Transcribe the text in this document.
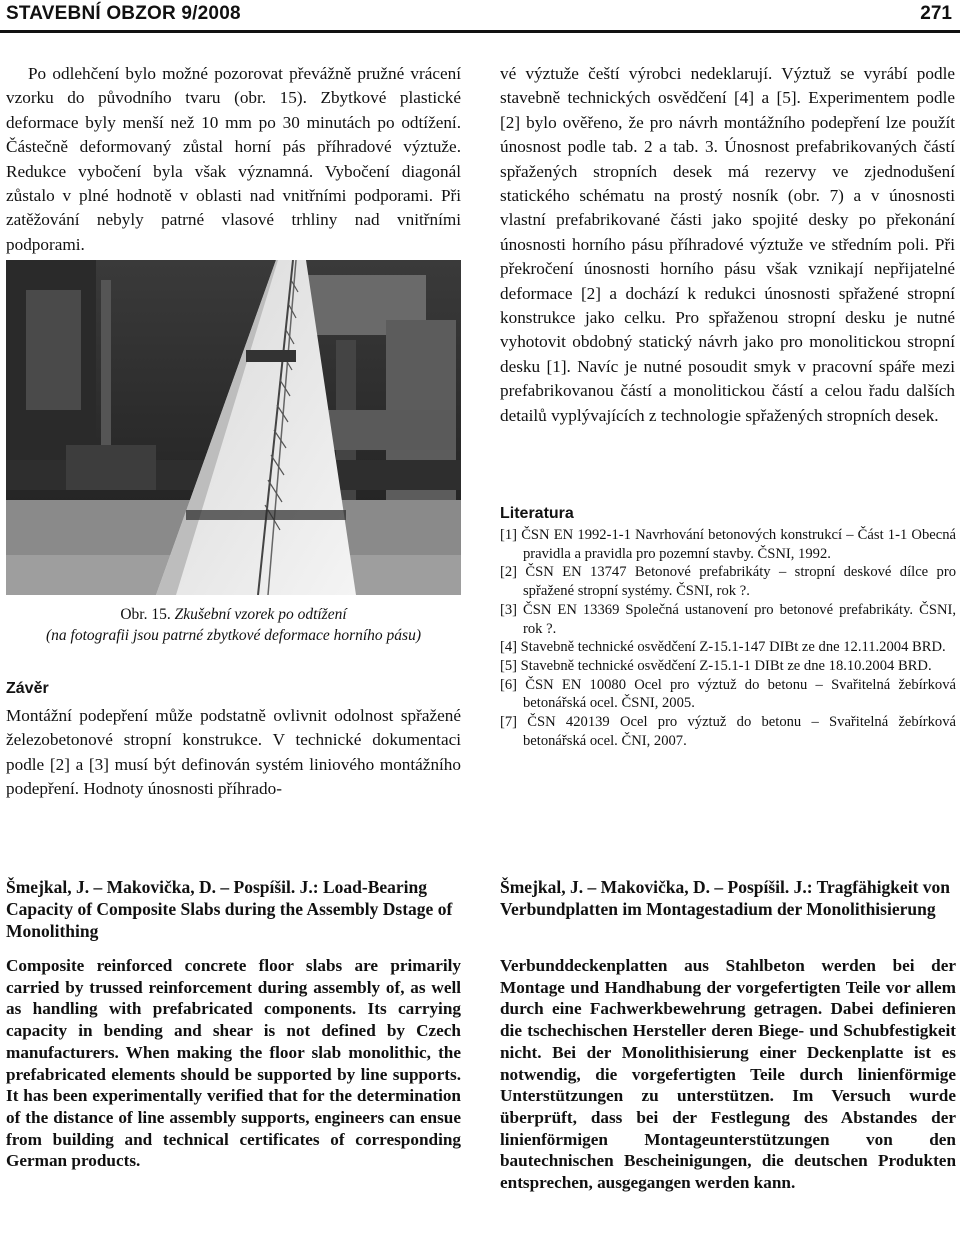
STAVEBNÍ OBZOR 9/2008	271

Po odlehčení bylo možné pozorovat převážně pružné vrácení vzorku do původního tvaru (obr. 15). Zbytkové plastické deformace byly menší než 10 mm po 30 minutách po odtížení. Částečně deformovaný zůstal horní pás příhradové výztuže. Redukce vybočení byla však významná. Vybočení diagonál zůstalo v plné hodnotě v oblasti nad vnitřními podporami. Při zatěžování nebyly patrné vlasové trhliny nad vnitřními podporami.

vé výztuže čeští výrobci nedeklarují. Výztuž se vyrábí podle stavebně technických osvědčení [4] a [5]. Experimentem podle [2] bylo ověřeno, že pro návrh montážního podepření lze použít únosnost podle tab. 2 a tab. 3. Únosnost prefabrikovaných částí spřažených stropních desek má rezervy ve zjednodušení statického schématu na prostý nosník (obr. 7) a v únosnosti vlastní prefabrikované části jako spojité desky po překonání únosnosti horního pásu příhradové výztuže ve středním poli. Při překročení únosnosti horního pásu však vznikají nepřijatelné deformace [2] a dochází k redukci únosnosti spřažené stropní konstrukce jako celku. Pro spřaženou stropní desku je nutné vyhotovit obdobný statický návrh jako pro monolitickou stropní desku [1]. Navíc je nutné posoudit smyk v pracovní spáře mezi prefabrikovanou částí a monolitickou částí a celou řadu dalších detailů vyplývajících z technologie spřažených stropních desek.

Obr. 15. Zkušební vzorek po odtížení
(na fotografii jsou patrné zbytkové deformace horního pásu)
Závěr

Montážní podepření může podstatně ovlivnit odolnost spřažené železobetonové stropní konstrukce. V technické dokumentaci podle [2] a [3] musí být definován systém liniového montážního podepření. Hodnoty únosnosti příhrado-

Literatura
[1] ČSN EN 1992-1-1 Navrhování betonových konstrukcí – Část 1-1 Obecná pravidla a pravidla pro pozemní stavby. ČSNI, 1992.
[2] ČSN EN 13747 Betonové prefabrikáty – stropní deskové dílce pro spřažené stropní systémy. ČSNI, rok ?.
[3] ČSN EN 13369 Společná ustanovení pro betonové prefabrikáty. ČSNI, rok ?.
[4] Stavebně technické osvědčení Z-15.1-147 DIBt ze dne 12.11.2004 BRD.
[5] Stavebně technické osvědčení Z-15.1-1 DIBt ze dne 18.10.2004 BRD.
[6] ČSN EN 10080 Ocel pro výztuž do betonu – Svařitelná žebírková betonářská ocel. ČSNI, 2005.
[7] ČSN 420139 Ocel pro výztuž do betonu – Svařitelná žebírková betonářská ocel. ČNI, 2007.

Šmejkal, J. – Makovička, D. – Pospíšil. J.: Load-Bearing Capacity of Composite Slabs during the Assembly Dstage of Monolithing

Composite reinforced concrete floor slabs are primarily carried by trussed reinforcement during assembly of, as well as handling with prefabricated components. Its carrying capacity in bending and shear is not defined by Czech manufacturers. When making the floor slab monolithic, the prefabricated elements should be supported by line supports. It has been experimentally verified that for the determination of the distance of line assembly supports, engineers can ensue from building and technical certificates of corresponding German products.

Šmejkal, J. – Makovička, D. – Pospíšil. J.: Tragfähigkeit von Verbundplatten im Montagestadium der Monolithisierung

Verbunddeckenplatten aus Stahlbeton werden bei der Montage und Handhabung der vorgefertigten Teile vor allem durch eine Fachwerkbewehrung getragen. Dabei definieren die tschechischen Hersteller deren Biege- und Schubfestigkeit nicht. Bei der Monolithisierung einer Deckenplatte ist es notwendig, die vorgefertigten Teile durch linienförmige Unterstützungen zu unterstützen. Im Versuch wurde überprüft, dass bei der Festlegung des Abstandes der linienförmigen Montageunterstützungen von den bautechnischen Bescheinigungen, die deutschen Produkten entsprechen, ausgegangen werden kann.
